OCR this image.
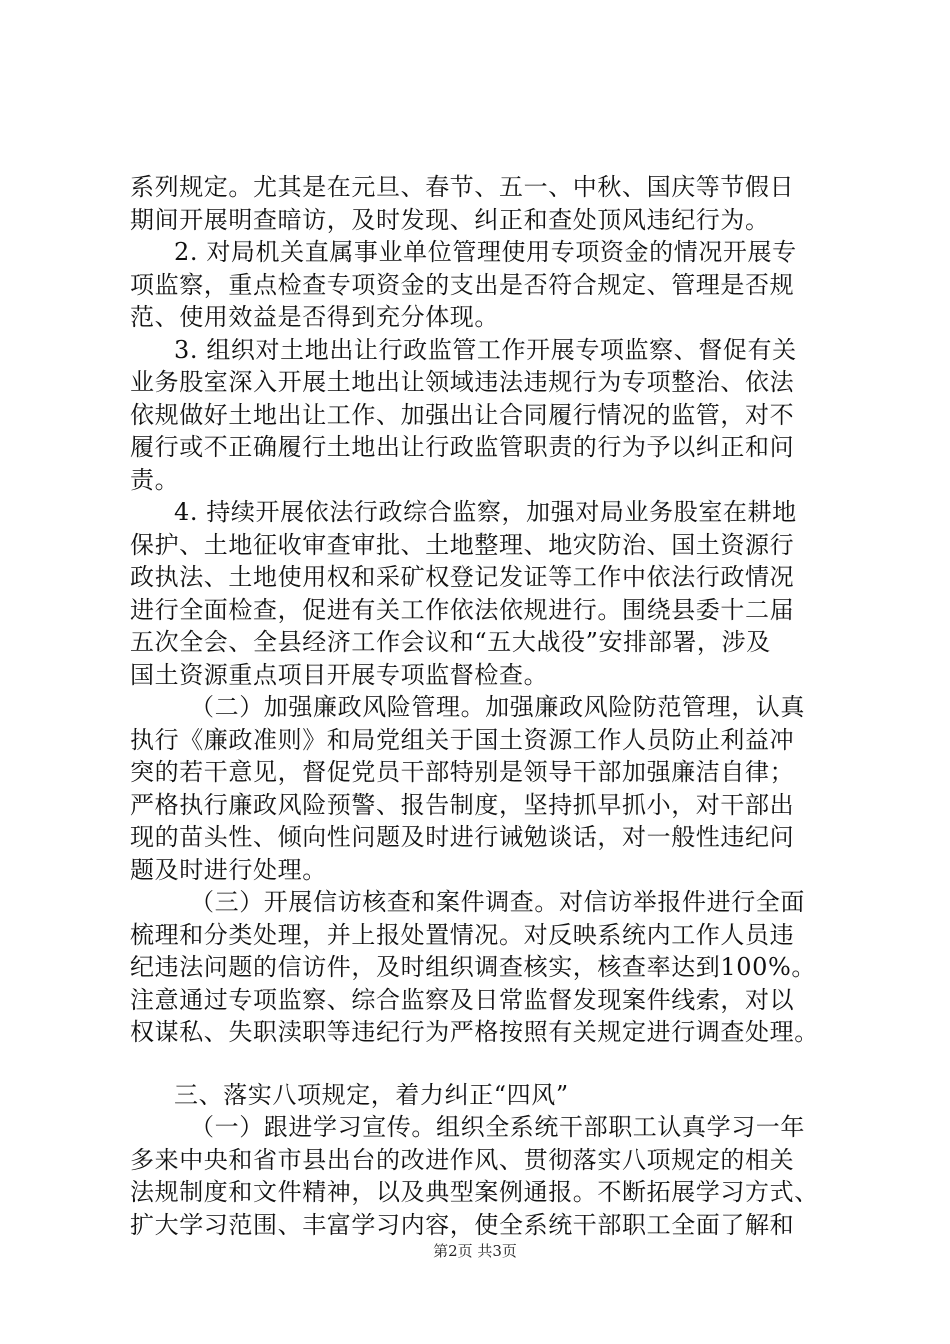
系列规定。尤其是在元旦、春节、五一、中秋、国庆等节假日
期间开展明查暗访，及时发现、纠正和查处顶风违纪行为。
2. 对局机关直属事业单位管理使用专项资金的情况开展专
项监察，重点检查专项资金的支出是否符合规定、管理是否规
范、使用效益是否得到充分体现。
3. 组织对土地出让行政监管工作开展专项监察、督促有关
业务股室深入开展土地出让领域违法违规行为专项整治、依法
依规做好土地出让工作、加强出让合同履行情况的监管，对不
履行或不正确履行土地出让行政监管职责的行为予以纠正和问
责。
4. 持续开展依法行政综合监察，加强对局业务股室在耕地
保护、土地征收审查审批、土地整理、地灾防治、国土资源行
政执法、土地使用权和采矿权登记发证等工作中依法行政情况
进行全面检查，促进有关工作依法依规进行。围绕县委十二届
五次全会、全县经济工作会议和“五大战役”安排部署，涉及
国土资源重点项目开展专项监督检查。
（二）加强廉政风险管理。加强廉政风险防范管理，认真
执行《廉政准则》和局党组关于国土资源工作人员防止利益冲
突的若干意见，督促党员干部特别是领导干部加强廉洁自律；
严格执行廉政风险预警、报告制度，坚持抓早抓小，对干部出
现的苗头性、倾向性问题及时进行诫勉谈话，对一般性违纪问
题及时进行处理。
（三）开展信访核查和案件调查。对信访举报件进行全面
梳理和分类处理，并上报处置情况。对反映系统内工作人员违
纪违法问题的信访件，及时组织调查核实，核查率达到100%。
注意通过专项监察、综合监察及日常监督发现案件线索，对以
权谋私、失职渎职等违纪行为严格按照有关规定进行调查处理。
三、落实八项规定，着力纠正“四风”
（一）跟进学习宣传。组织全系统干部职工认真学习一年
多来中央和省市县出台的改进作风、贯彻落实八项规定的相关
法规制度和文件精神，以及典型案例通报。不断拓展学习方式、
扩大学习范围、丰富学习内容，使全系统干部职工全面了解和
第2页 共3页
